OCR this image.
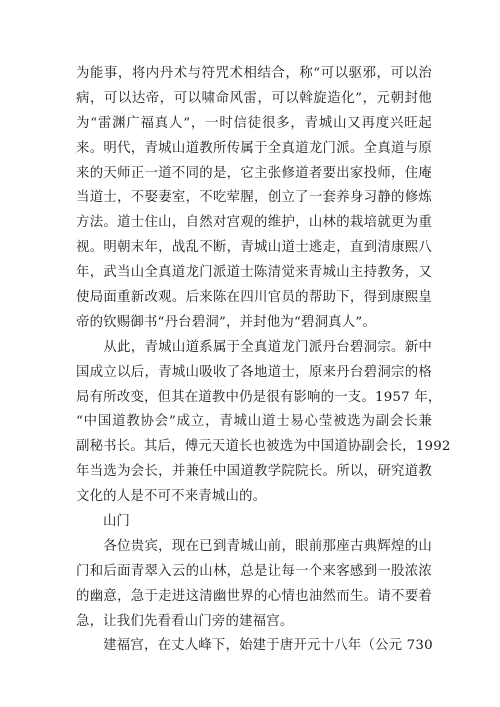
为能事，将内丹术与符咒术相结合，称“可以驱邪，可以治
病，可以达帝，可以啸命风雷，可以斡旋造化”，元朝封他
为“雷渊广福真人”，一时信徒很多，青城山又再度兴旺起
来。明代，青城山道教所传属于全真道龙门派。全真道与原
来的天师正一道不同的是，它主张修道者要出家投师，住庵
当道士，不娶妻室，不吃荤腥，创立了一套养身习静的修炼
方法。道士住山，自然对宫观的维护，山林的栽培就更为重
视。明朝末年，战乱不断，青城山道士逃走，直到清康熙八
年，武当山全真道龙门派道士陈清觉来青城山主持教务，又
使局面重新改观。后来陈在四川官员的帮助下，得到康熙皇
帝的钦赐御书“丹台碧洞”，并封他为“碧洞真人”。
　　从此，青城山道系属于全真道龙门派丹台碧洞宗。新中
国成立以后，青城山吸收了各地道士，原来丹台碧洞宗的格
局有所改变，但其在道教中仍是很有影响的一支。1957 年，
“中国道教协会”成立，青城山道士易心莹被选为副会长兼
副秘书长。其后，傅元天道长也被选为中国道协副会长，1992
年当选为会长，并兼任中国道教学院院长。所以，研究道教
文化的人是不可不来青城山的。
山门
　　各位贵宾，现在已到青城山前，眼前那座古典辉煌的山
门和后面青翠入云的山林，总是让每一个来客感到一股浓浓
的幽意，急于走进这清幽世界的心情也油然而生。请不要着
急，让我们先看看山门旁的建福宫。
　　建福宫，在丈人峰下，始建于唐开元十八年（公元 730
